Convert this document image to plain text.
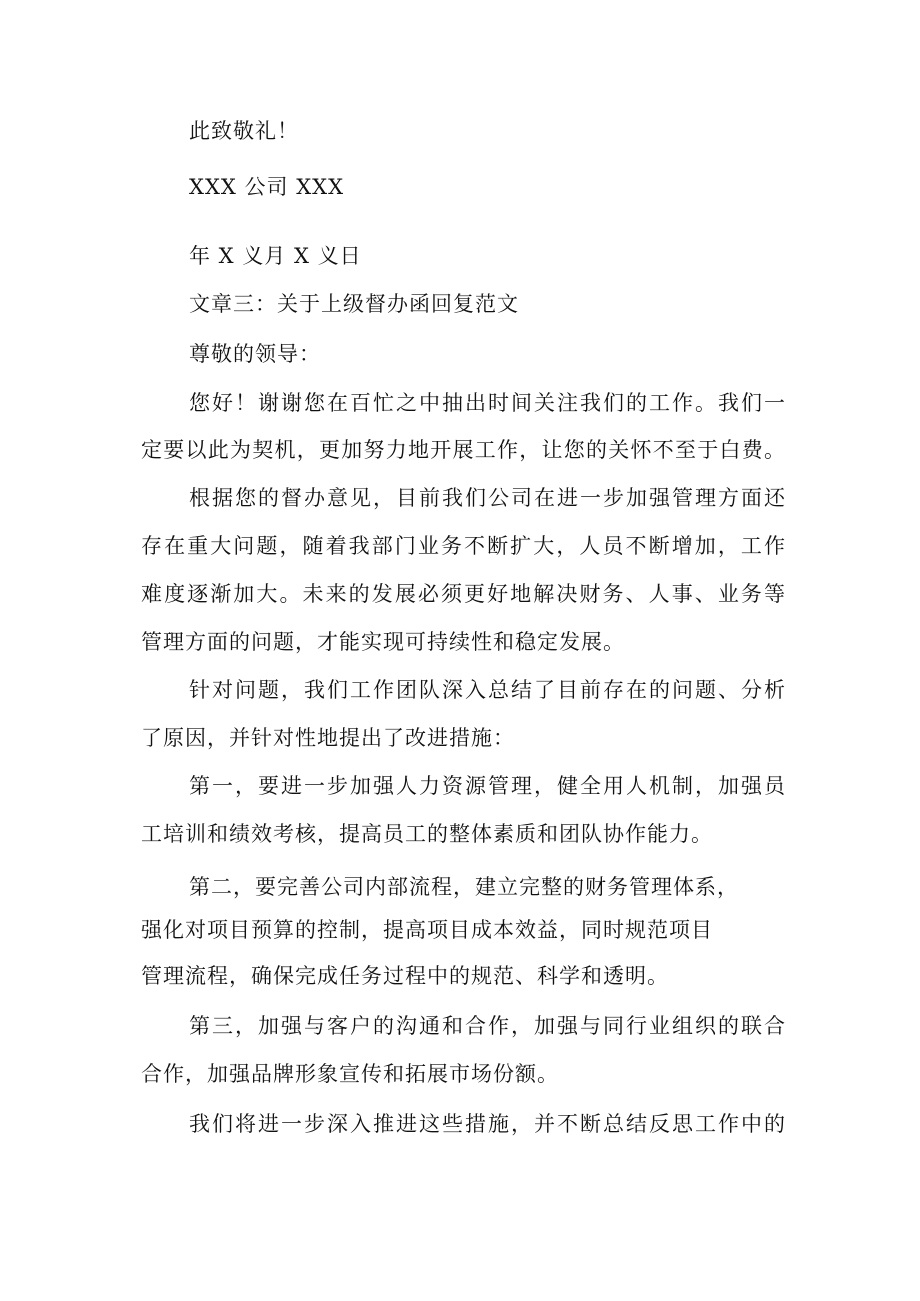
此致敬礼！
XXX 公司 XXX
年 X 义月 X 义日
文章三：关于上级督办函回复范文
尊敬的领导：
您好！谢谢您在百忙之中抽出时间关注我们的工作。我们一
定要以此为契机，更加努力地开展工作，让您的关怀不至于白费。
根据您的督办意见，目前我们公司在进一步加强管理方面还
存在重大问题，随着我部门业务不断扩大，人员不断增加，工作
难度逐渐加大。未来的发展必须更好地解决财务、人事、业务等
管理方面的问题，才能实现可持续性和稳定发展。
针对问题，我们工作团队深入总结了目前存在的问题、分析
了原因，并针对性地提出了改进措施：
第一，要进一步加强人力资源管理，健全用人机制，加强员
工培训和绩效考核，提高员工的整体素质和团队协作能力。
第二，要完善公司内部流程，建立完整的财务管理体系，
强化对项目预算的控制，提高项目成本效益，同时规范项目
管理流程，确保完成任务过程中的规范、科学和透明。
第三，加强与客户的沟通和合作，加强与同行业组织的联合
合作，加强品牌形象宣传和拓展市场份额。
我们将进一步深入推进这些措施，并不断总结反思工作中的
